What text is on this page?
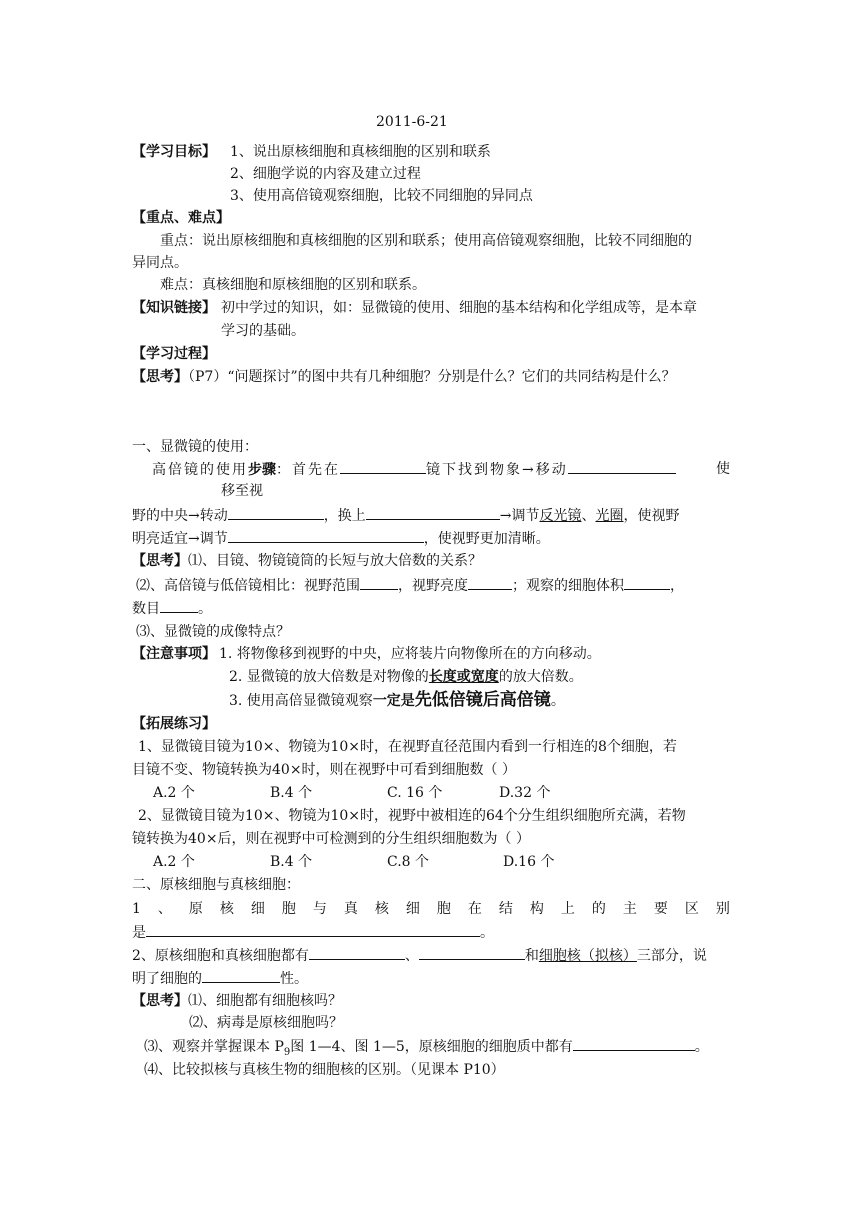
2011-6-21
【学习目标】 1、说出原核细胞和真核细胞的区别和联系
2、细胞学说的内容及建立过程
3、使用高倍镜观察细胞，比较不同细胞的异同点
【重点、难点】
重点：说出原核细胞和真核细胞的区别和联系；使用高倍镜观察细胞，比较不同细胞的
异同点。
难点：真核细胞和原核细胞的区别和联系。
【知识链接】 初中学过的知识，如：显微镜的使用、细胞的基本结构和化学组成等，是本章
学习的基础。
【学习过程】
【思考】（P7）“问题探讨”的图中共有几种细胞？分别是什么？它们的共同结构是什么？
一、显微镜的使用：
高倍镜的使用步骤：首先在	镜下找到物象→移动	使
移至视
野的中央→转动	，换上	→调节反光镜、光圈，使视野
明亮适宜→调节	，使视野更加清晰。
【思考】⑴、目镜、物镜镜筒的长短与放大倍数的关系？
⑵、高倍镜与低倍镜相比：视野范围	，视野亮度	；观察的细胞体积	，
数目	。
⑶、显微镜的成像特点？
【注意事项】 1. 将物像移到视野的中央，应将装片向物像所在的方向移动。
2. 显微镜的放大倍数是对物像的长度或宽度的放大倍数。
3. 使用高倍显微镜观察一定是先低倍镜后高倍镜。
【拓展练习】
1、显微镜目镜为10×、物镜为10×时，在视野直径范围内看到一行相连的8个细胞，若
目镜不变、物镜转换为40×时，则在视野中可看到细胞数（ ）
A.2 个	B.4 个	C. 16 个	D.32 个
2、显微镜目镜为10×、物镜为10×时，视野中被相连的64个分生组织细胞所充满，若物
镜转换为40×后，则在视野中可检测到的分生组织细胞数为（ ）
A.2 个	B.4 个	C.8 个	D.16 个
二、原核细胞与真核细胞：
1 、 原 核 细 胞 与 真 核 细 胞 在 结 构 上 的 主 要 区 别
是	。
2、原核细胞和真核细胞都有	、	和细胞核（拟核）三部分，说
明了细胞的	性。
【思考】⑴、细胞都有细胞核吗？
⑵、病毒是原核细胞吗？
⑶、观察并掌握课本 $P_9$图 1—4、图 1—5，原核细胞的细胞质中都有	。
⑷、比较拟核与真核生物的细胞核的区别。（见课本 P10）
